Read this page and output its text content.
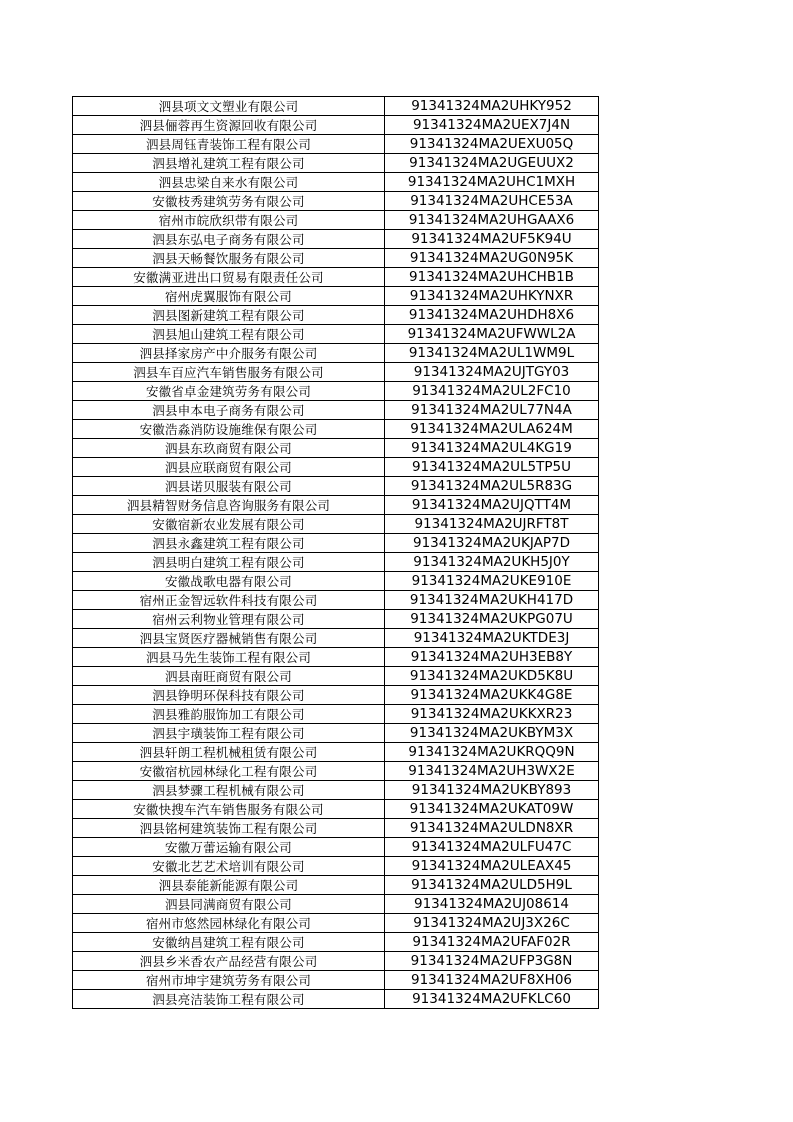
泗县项文文塑业有限公司	91341324MA2UHKY952
泗县俪蓉再生资源回收有限公司	91341324MA2UEX7J4N
泗县周钰青装饰工程有限公司	91341324MA2UEXU05Q
泗县增礼建筑工程有限公司	91341324MA2UGEUUX2
泗县忠梁自来水有限公司	91341324MA2UHC1MXH
安徽枝秀建筑劳务有限公司	91341324MA2UHCE53A
宿州市皖欣织带有限公司	91341324MA2UHGAAX6
泗县东弘电子商务有限公司	91341324MA2UF5K94U
泗县天畅餐饮服务有限公司	91341324MA2UG0N95K
安徽满亚进出口贸易有限责任公司	91341324MA2UHCHB1B
宿州虎翼服饰有限公司	91341324MA2UHKYNXR
泗县图新建筑工程有限公司	91341324MA2UHDH8X6
泗县旭山建筑工程有限公司	91341324MA2UFWWL2A
泗县择家房产中介服务有限公司	91341324MA2UL1WM9L
泗县车百应汽车销售服务有限公司	91341324MA2UJTGY03
安徽省卓金建筑劳务有限公司	91341324MA2UL2FC10
泗县申本电子商务有限公司	91341324MA2UL77N4A
安徽浩淼消防设施维保有限公司	91341324MA2ULA624M
泗县东玖商贸有限公司	91341324MA2UL4KG19
泗县应联商贸有限公司	91341324MA2UL5TP5U
泗县诺贝服装有限公司	91341324MA2UL5R83G
泗县精智财务信息咨询服务有限公司	91341324MA2UJQTT4M
安徽宿新农业发展有限公司	91341324MA2UJRFT8T
泗县永鑫建筑工程有限公司	91341324MA2UKJAP7D
泗县明白建筑工程有限公司	91341324MA2UKH5J0Y
安徽战歌电器有限公司	91341324MA2UKE910E
宿州正金智远软件科技有限公司	91341324MA2UKH417D
宿州云利物业管理有限公司	91341324MA2UKPG07U
泗县宝贤医疗器械销售有限公司	91341324MA2UKTDE3J
泗县马先生装饰工程有限公司	91341324MA2UH3EB8Y
泗县南旺商贸有限公司	91341324MA2UKD5K8U
泗县铮明环保科技有限公司	91341324MA2UKK4G8E
泗县雅韵服饰加工有限公司	91341324MA2UKKXR23
泗县宇璜装饰工程有限公司	91341324MA2UKBYM3X
泗县轩朗工程机械租赁有限公司	91341324MA2UKRQQ9N
安徽宿杭园林绿化工程有限公司	91341324MA2UH3WX2E
泗县梦骤工程机械有限公司	91341324MA2UKBY893
安徽快搜车汽车销售服务有限公司	91341324MA2UKAT09W
泗县铭柯建筑装饰工程有限公司	91341324MA2ULDN8XR
安徽万蕾运输有限公司	91341324MA2ULFU47C
安徽北艺艺术培训有限公司	91341324MA2ULEAX45
泗县泰能新能源有限公司	91341324MA2ULD5H9L
泗县同满商贸有限公司	91341324MA2UJ08614
宿州市悠然园林绿化有限公司	91341324MA2UJ3X26C
安徽纳昌建筑工程有限公司	91341324MA2UFAF02R
泗县乡米香农产品经营有限公司	91341324MA2UFP3G8N
宿州市坤宇建筑劳务有限公司	91341324MA2UF8XH06
泗县亮洁装饰工程有限公司	91341324MA2UFKLC60
